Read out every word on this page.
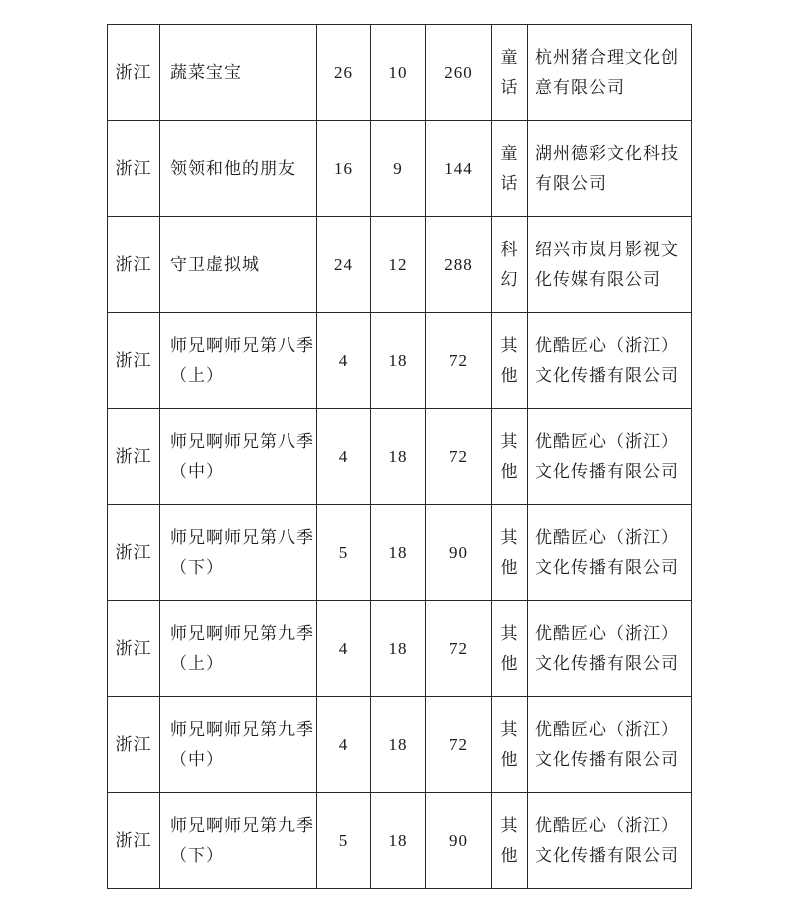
浙江	蔬菜宝宝	26	10	260	童话	杭州猪合理文化创意有限公司
浙江	领领和他的朋友	16	9	144	童话	湖州德彩文化科技有限公司
浙江	守卫虚拟城	24	12	288	科幻	绍兴市岚月影视文化传媒有限公司
浙江	师兄啊师兄第八季（上）	4	18	72	其他	优酷匠心（浙江）文化传播有限公司
浙江	师兄啊师兄第八季（中）	4	18	72	其他	优酷匠心（浙江）文化传播有限公司
浙江	师兄啊师兄第八季（下）	5	18	90	其他	优酷匠心（浙江）文化传播有限公司
浙江	师兄啊师兄第九季（上）	4	18	72	其他	优酷匠心（浙江）文化传播有限公司
浙江	师兄啊师兄第九季（中）	4	18	72	其他	优酷匠心（浙江）文化传播有限公司
浙江	师兄啊师兄第九季（下）	5	18	90	其他	优酷匠心（浙江）文化传播有限公司
